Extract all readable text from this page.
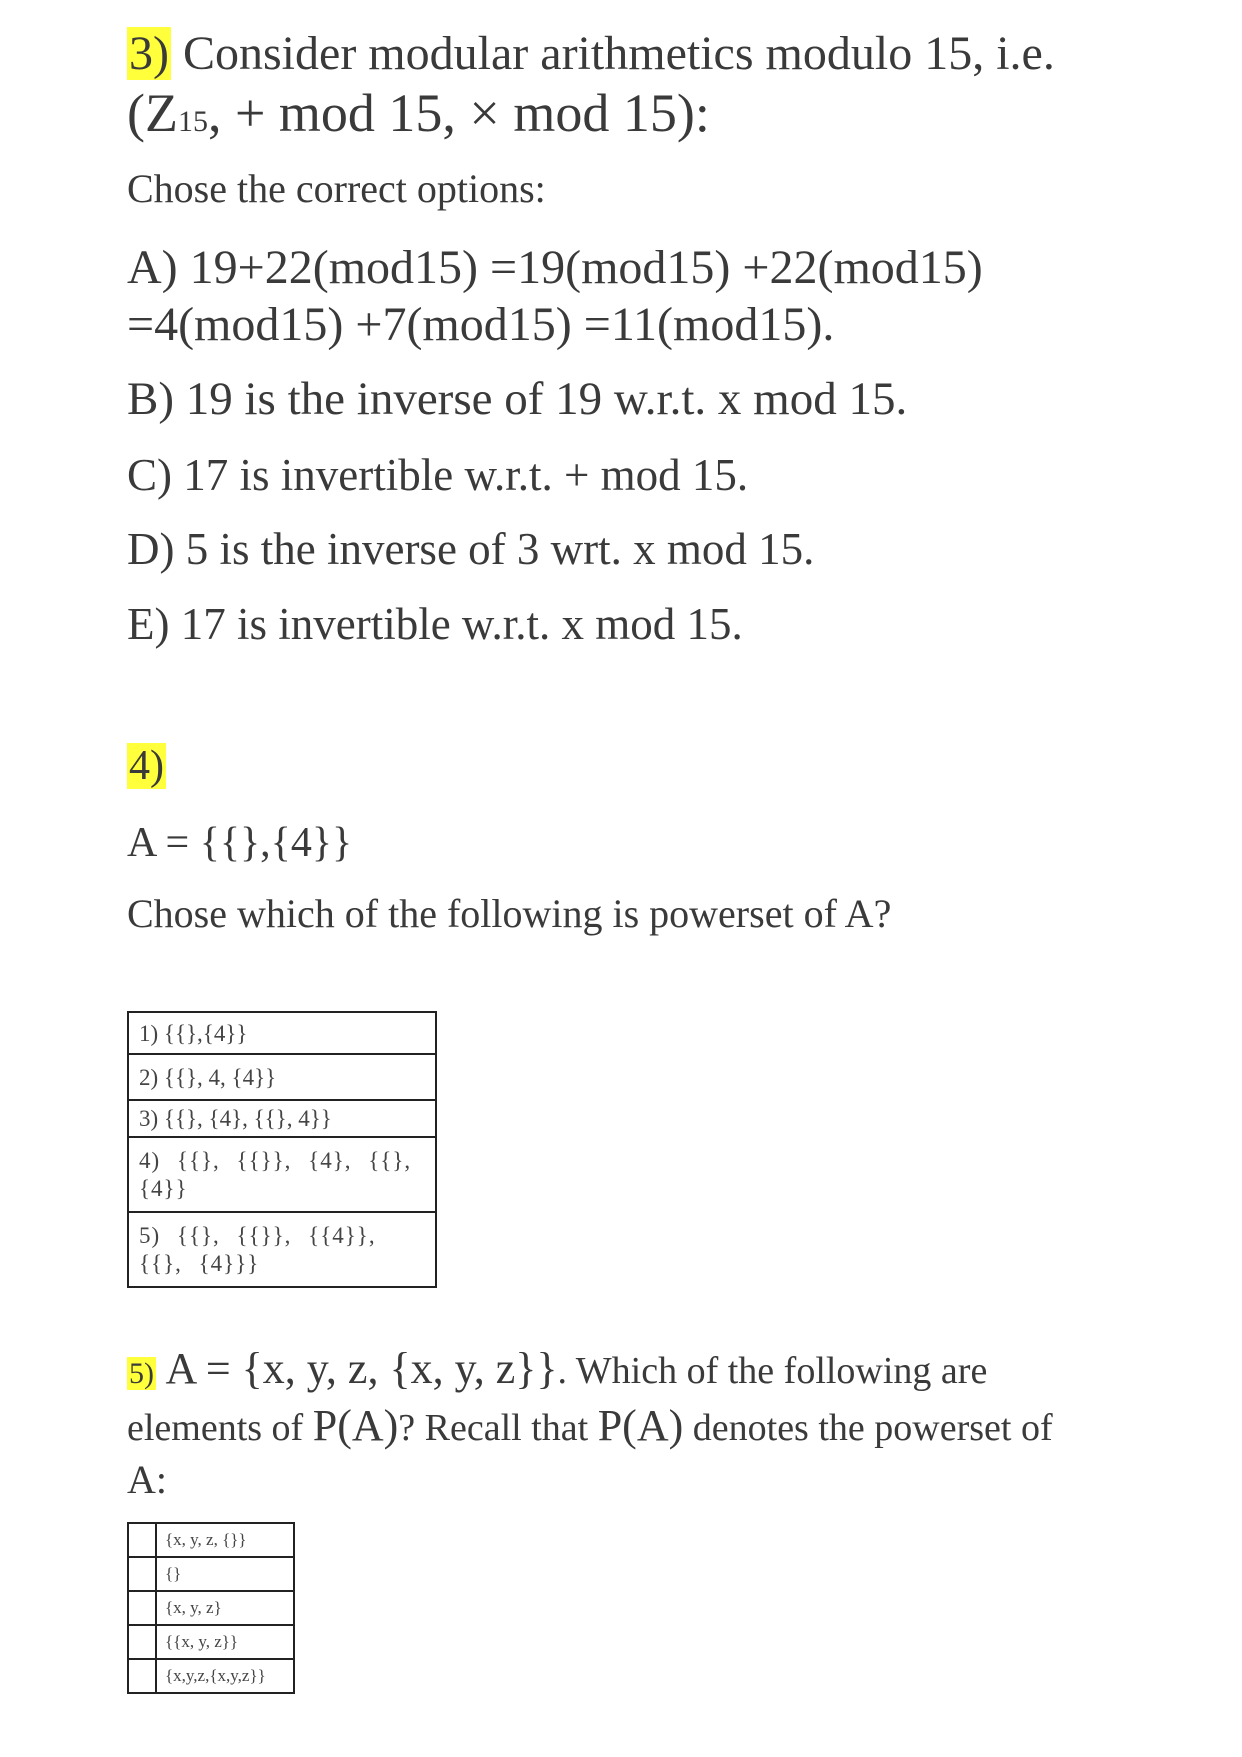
3) Consider modular arithmetics modulo 15, i.e.
(Z15, + mod 15, × mod 15):
Chose the correct options:
A) 19+22(mod15) =19(mod15) +22(mod15)
=4(mod15) +7(mod15) =11(mod15).
B) 19 is the inverse of 19 w.r.t. x mod 15.
C) 17 is invertible w.r.t. + mod 15.
D) 5 is the inverse of 3 wrt. x mod 15.
E) 17 is invertible w.r.t. x mod 15.
4)
A = {{},{4}}
Chose which of the following is powerset of A?
1) {{},{4}}
2) {{}, 4, {4}}
3) {{}, {4}, {{}, 4}}
4) {{}, {{}}, {4}, {{}, {4}}
5) {{}, {{}}, {{4}}, {{}, {4}}}
5) A = {x, y, z, {x, y, z}}. Which of the following are
elements of P(A)? Recall that P(A) denotes the powerset of
A:
	{x, y, z, {}}
	{}
	{x, y, z}
	{{x, y, z}}
	{x,y,z,{x,y,z}}
